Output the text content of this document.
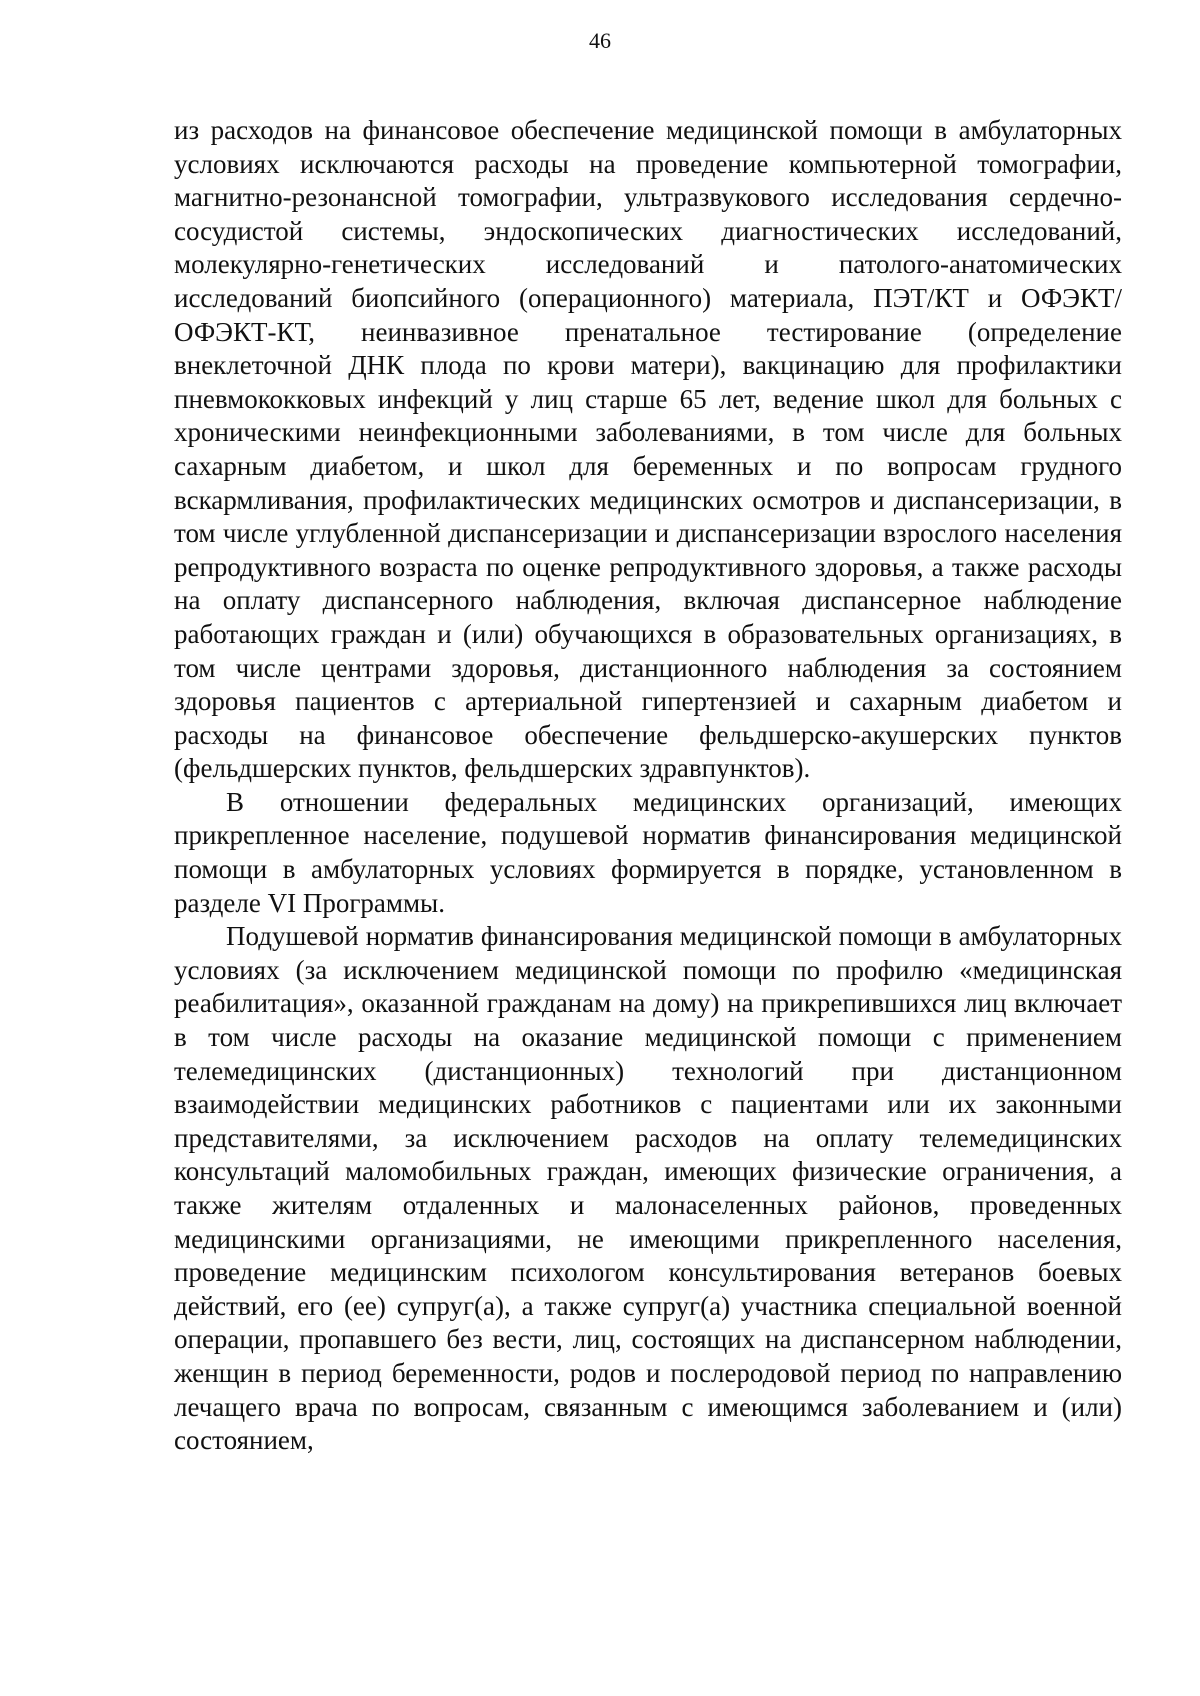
46

из расходов на финансовое обеспечение медицинской помощи в амбулаторных условиях исключаются расходы на проведение компьютерной томографии, магнитно-резонансной томографии, ультразвукового исследования сердечно-сосудистой системы, эндоскопических диагностических исследований, молекулярно-генетических исследований и патолого-анатомических исследований биопсийного (операционного) материала, ПЭТ/КТ и ОФЭКТ/ОФЭКТ-КТ, неинвазивное пренатальное тестирование (определение внеклеточной ДНК плода по крови матери), вакцинацию для профилактики пневмококковых инфекций у лиц старше 65 лет, ведение школ для больных с хроническими неинфекционными заболеваниями, в том числе для больных сахарным диабетом, и школ для беременных и по вопросам грудного вскармливания, профилактических медицинских осмотров и диспансеризации, в том числе углубленной диспансеризации и диспансеризации взрослого населения репродуктивного возраста по оценке репродуктивного здоровья, а также расходы на оплату диспансерного наблюдения, включая диспансерное наблюдение работающих граждан и (или) обучающихся в образовательных организациях, в том числе центрами здоровья, дистанционного наблюдения за состоянием здоровья пациентов с артериальной гипертензией и сахарным диабетом и расходы на финансовое обеспечение фельдшерско-акушерских пунктов (фельдшерских пунктов, фельдшерских здравпунктов).

В отношении федеральных медицинских организаций, имеющих прикрепленное население, подушевой норматив финансирования медицинской помощи в амбулаторных условиях формируется в порядке, установленном в разделе VI Программы.

Подушевой норматив финансирования медицинской помощи в амбулаторных условиях (за исключением медицинской помощи по профилю «медицинская реабилитация», оказанной гражданам на дому) на прикрепившихся лиц включает в том числе расходы на оказание медицинской помощи с применением телемедицинских (дистанционных) технологий при дистанционном взаимодействии медицинских работников с пациентами или их законными представителями, за исключением расходов на оплату телемедицинских консультаций маломобильных граждан, имеющих физические ограничения, а также жителям отдаленных и малонаселенных районов, проведенных медицинскими организациями, не имеющими прикрепленного населения, проведение медицинским психологом консультирования ветеранов боевых действий, его (ее) супруг(а), а также супруг(а) участника специальной военной операции, пропавшего без вести, лиц, состоящих на диспансерном наблюдении, женщин в период беременности, родов и послеродовой период по направлению лечащего врача по вопросам, связанным с имеющимся заболеванием и (или) состоянием,
